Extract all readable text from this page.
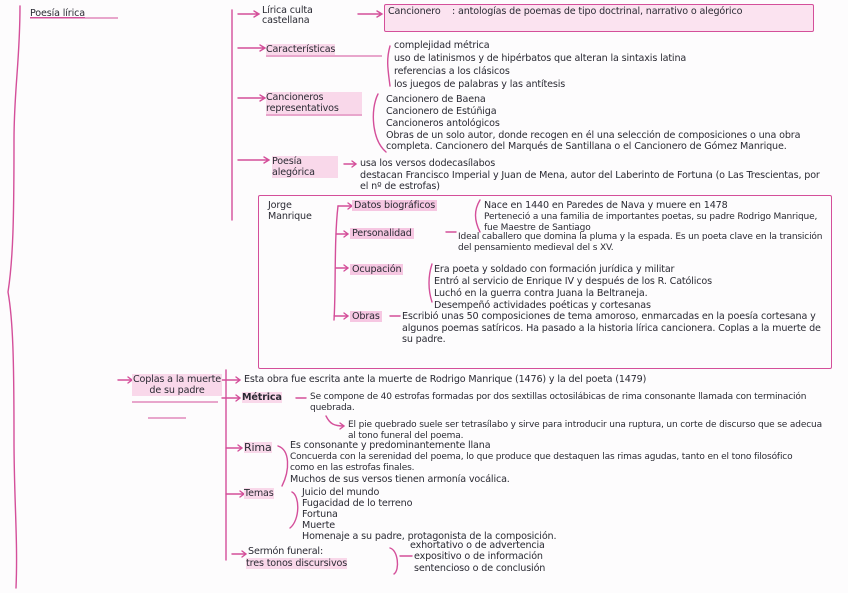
Poesía lírica	Lírica culta castellana
Cancionero : antologías de poemas de tipo doctrinal, narrativo o alegórico
Características	complejidad métrica
uso de latinismos y de hipérbatos que alteran la sintaxis latina
referencias a los clásicos
los juegos de palabras y las antítesis
Cancioneros representativos
Cancionero de Baena
Cancionero de Estúñiga
Cancioneros antológicos
Obras de un solo autor, donde recogen en él una selección de composiciones o una obra completa. Cancionero del Marqués de Santillana o el Cancionero de Gómez Manrique.
Poesía alegórica
usa los versos dodecasílabos
destacan Francisco Imperial y Juan de Mena, autor del Laberinto de Fortuna (o Las Trescientas, por el nº de estrofas)
Jorge Manrique
Datos biográficos	Nace en 1440 en Paredes de Nava y muere en 1478
Perteneció a una familia de importantes poetas, su padre Rodrigo Manrique, fue Maestre de Santiago
Personalidad	Ideal caballero que domina la pluma y la espada. Es un poeta clave en la transición del pensamiento medieval del s XV.
Ocupación	Era poeta y soldado con formación jurídica y militar
Entró al servicio de Enrique IV y después de los R. Católicos
Luchó en la guerra contra Juana la Beltraneja.
Desempeñó actividades poéticas y cortesanas
Obras Escribió unas 50 composiciones de tema amoroso, enmarcadas en la poesía cortesana y algunos poemas satíricos. Ha pasado a la historia lírica cancionera. Coplas a la muerte de su padre.
Coplas a la muerte de su padre
Esta obra fue escrita ante la muerte de Rodrigo Manrique (1476) y la del poeta (1479)
Métrica	Se compone de 40 estrofas formadas por dos sextillas octosilábicas de rima consonante llamada con terminación quebrada.
El pie quebrado suele ser tetrasílabo y sirve para introducir una ruptura, un corte de discurso que se adecua al tono funeral del poema.
Rima Es consonante y predominantemente llana
Concuerda con la serenidad del poema, lo que produce que destaquen las rimas agudas, tanto en el tono filosófico como en las estrofas finales.
Muchos de sus versos tienen armonía vocálica.
Temas	Juicio del mundo
Fugacidad de lo terreno
Fortuna
Muerte
Homenaje a su padre, protagonista de la composición.
Sermón funeral:
tres tonos discursivos
exhortativo o de advertencia
expositivo o de información
sentencioso o de conclusión
